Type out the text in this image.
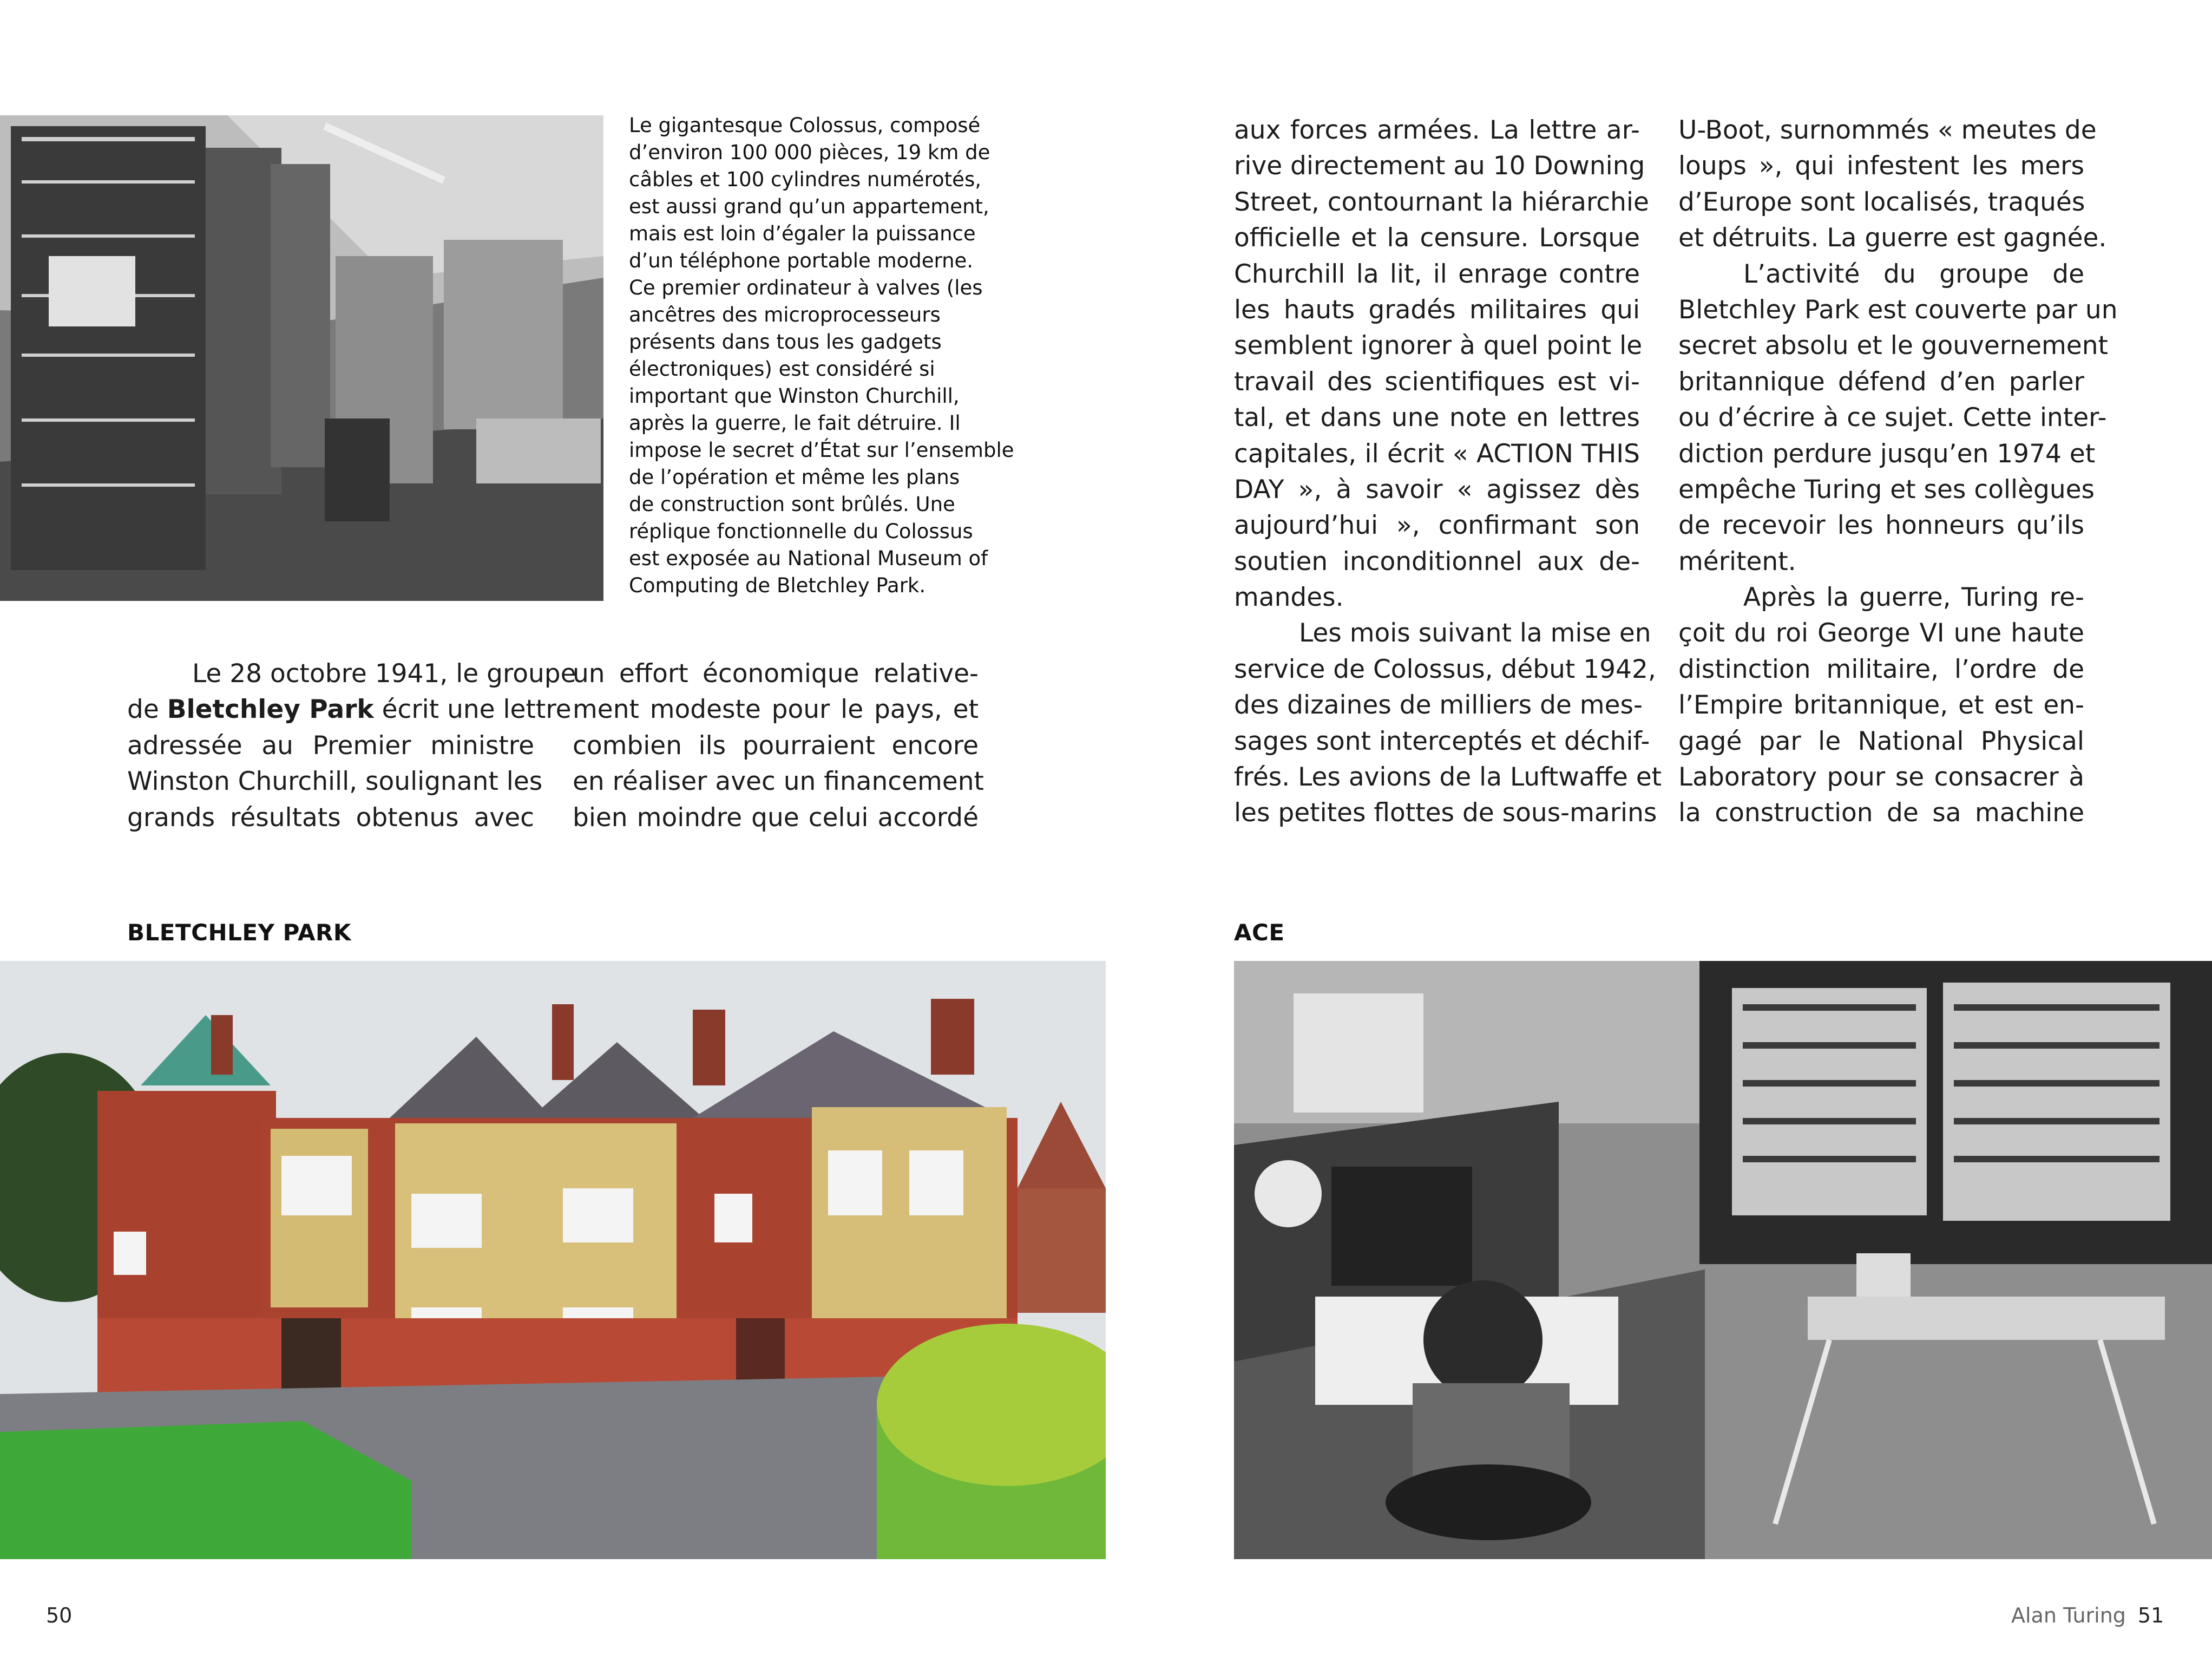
Le gigantesque Colossus, composé
d’environ 100 000 pièces, 19 km de
câbles et 100 cylindres numérotés,
est aussi grand qu’un appartement,
mais est loin d’égaler la puissance
d’un téléphone portable moderne.
Ce premier ordinateur à valves (les
ancêtres des microprocesseurs
présents dans tous les gadgets
électroniques) est considéré si
important que Winston Churchill,
après la guerre, le fait détruire. Il
impose le secret d’État sur l’ensemble
de l’opération et même les plans
de construction sont brûlés. Une
réplique fonctionnelle du Colossus
est exposée au National Museum of
Computing de Bletchley Park.
Le 28 octobre 1941, le groupe
de Bletchley Park écrit une lettre
adressée au Premier ministre
Winston Churchill, soulignant les
grands résultats obtenus avec
un effort économique relative-
ment modeste pour le pays, et
combien ils pourraient encore
en réaliser avec un financement
bien moindre que celui accordé
aux forces armées. La lettre ar-
rive directement au 10 Downing
Street, contournant la hiérarchie
officielle et la censure. Lorsque
Churchill la lit, il enrage contre
les hauts gradés militaires qui
semblent ignorer à quel point le
travail des scientifiques est vi-
tal, et dans une note en lettres
capitales, il écrit « ACTION THIS
DAY », à savoir « agissez dès
aujourd’hui », confirmant son
soutien inconditionnel aux de-
mandes.
Les mois suivant la mise en
service de Colossus, début 1942,
des dizaines de milliers de mes-
sages sont interceptés et déchif-
frés. Les avions de la Luftwaffe et
les petites flottes de sous-marins
U-Boot, surnommés « meutes de
loups », qui infestent les mers
d’Europe sont localisés, traqués
et détruits. La guerre est gagnée.
L’activité du groupe de
Bletchley Park est couverte par un
secret absolu et le gouvernement
britannique défend d’en parler
ou d’écrire à ce sujet. Cette inter-
diction perdure jusqu’en 1974 et
empêche Turing et ses collègues
de recevoir les honneurs qu’ils
méritent.
Après la guerre, Turing re-
çoit du roi George VI une haute
distinction militaire, l’ordre de
l’Empire britannique, et est en-
gagé par le National Physical
Laboratory pour se consacrer à
la construction de sa machine
BLETCHLEY PARK	ACE
50	Alan Turing 51
